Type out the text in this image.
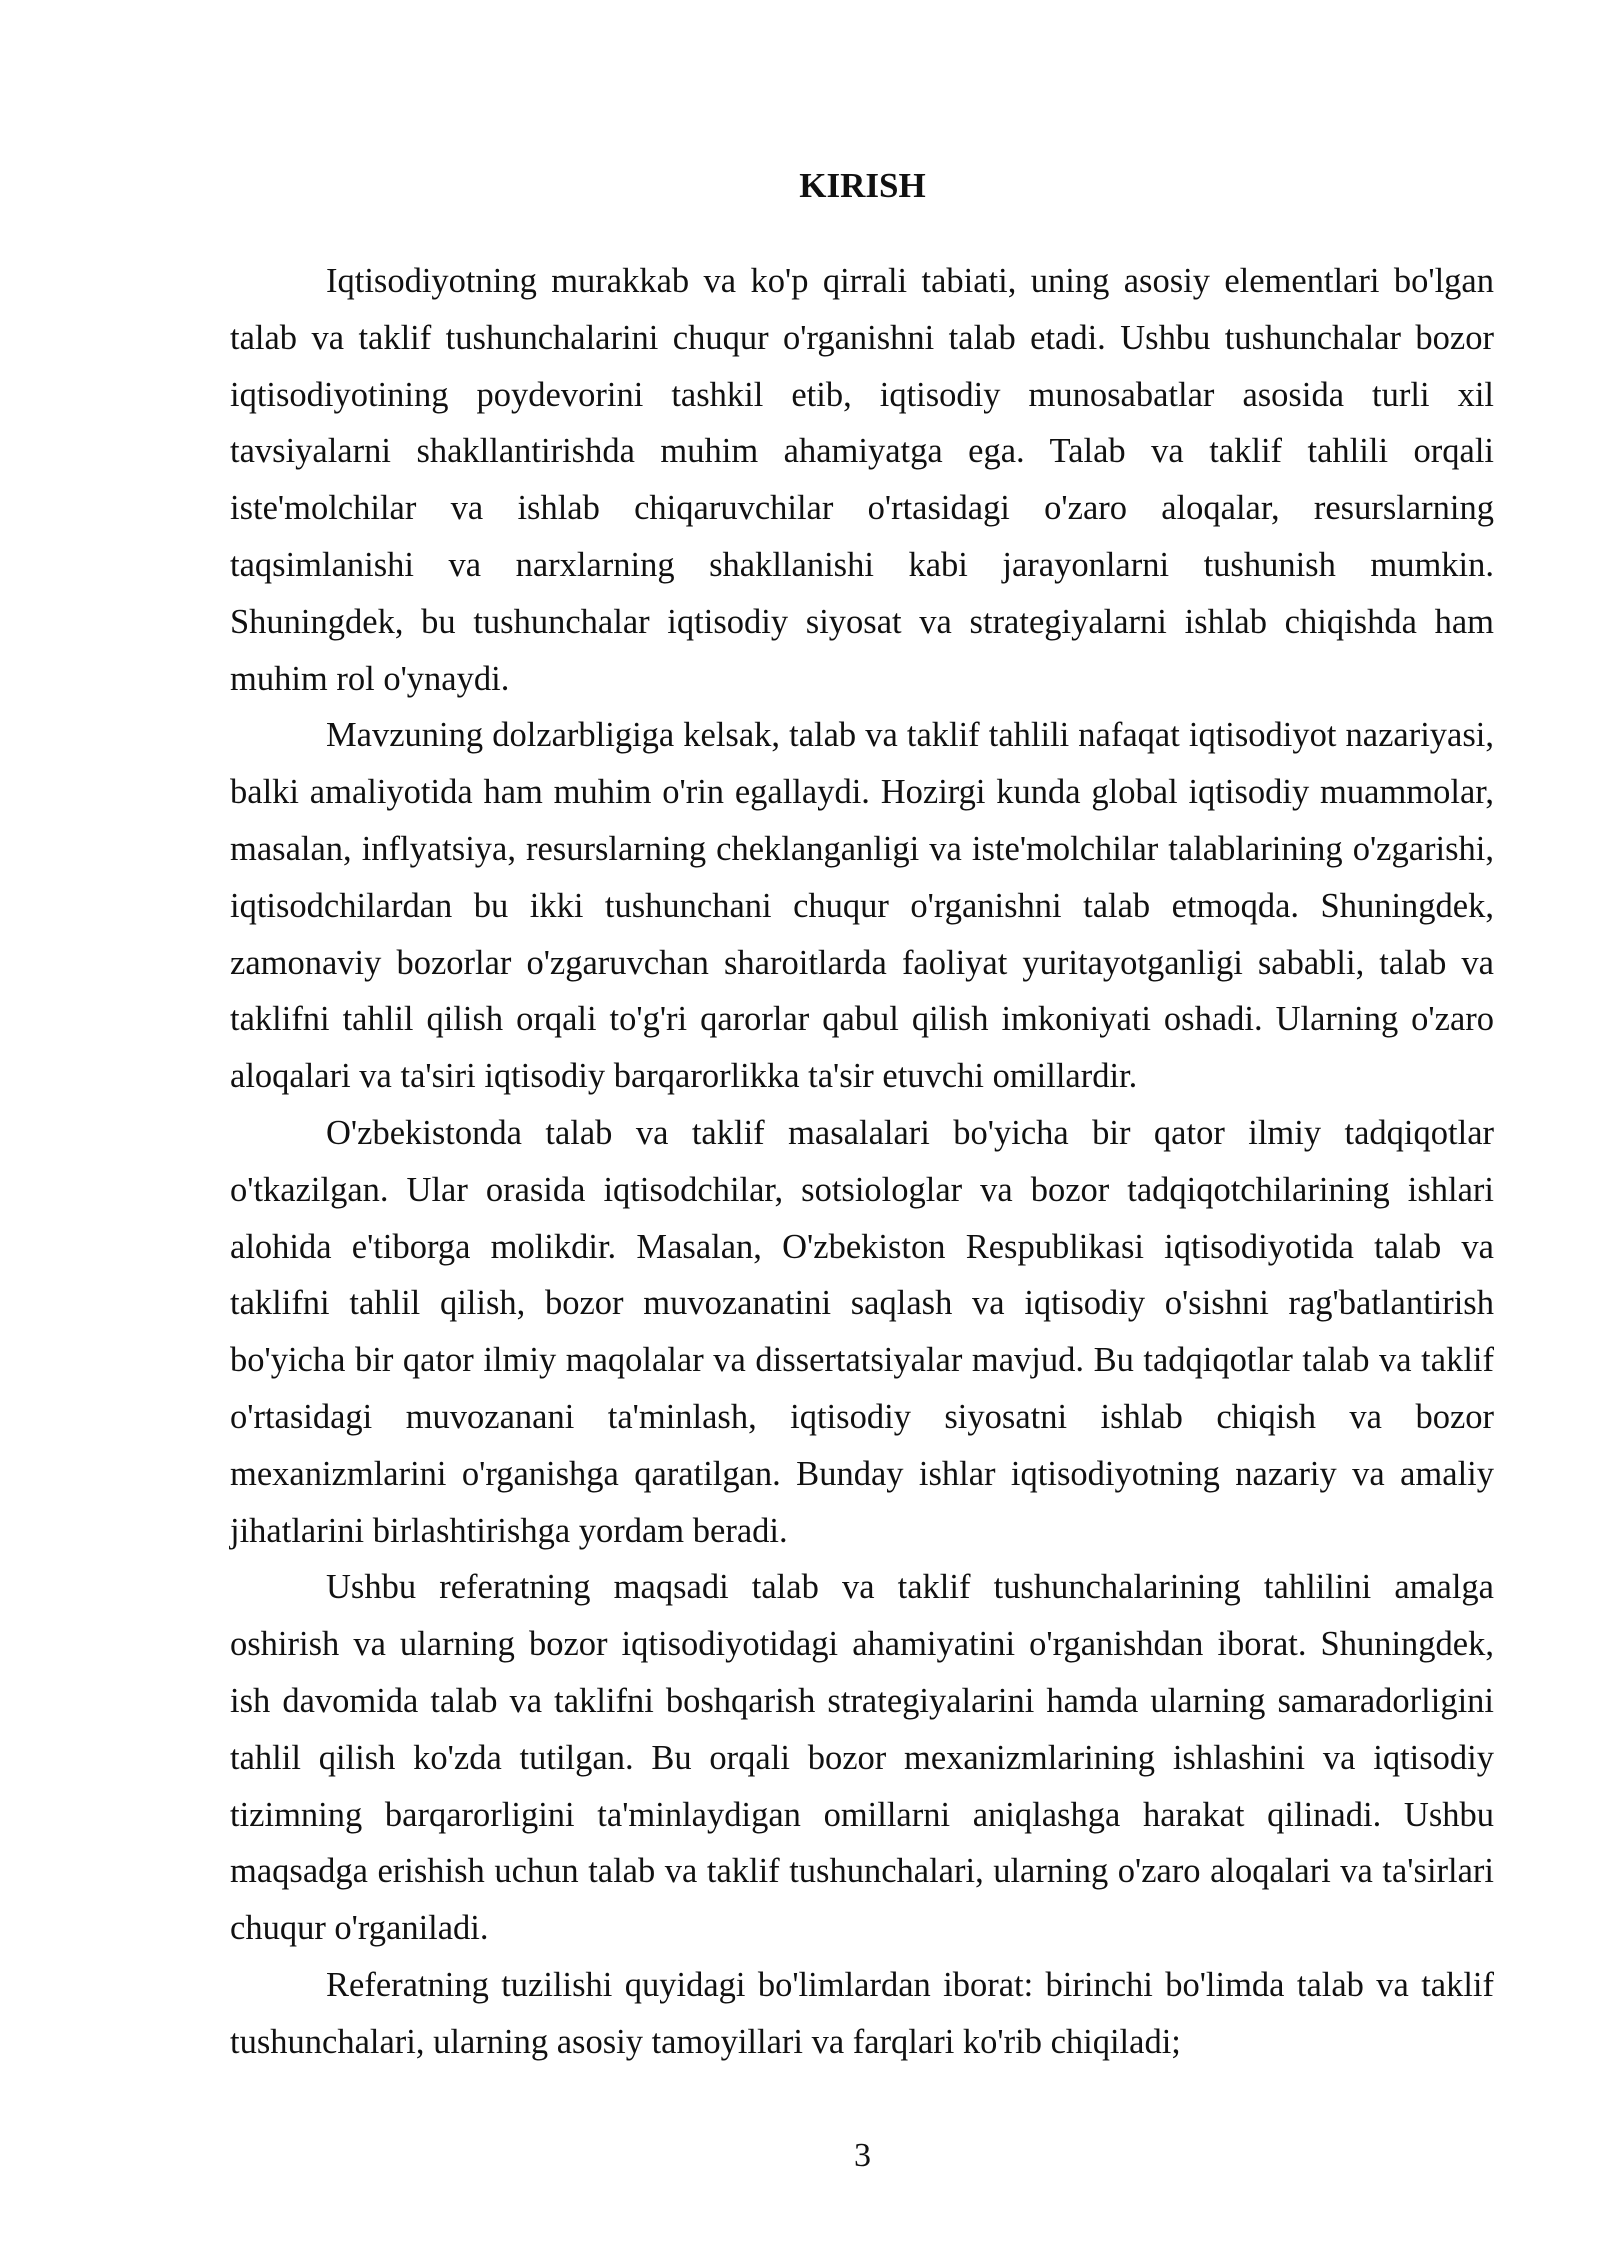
KIRISH

Iqtisodiyotning murakkab va ko'p qirrali tabiati, uning asosiy elementlari bo'lgan talab va taklif tushunchalarini chuqur o'rganishni talab etadi. Ushbu tushunchalar bozor iqtisodiyotining poydevorini tashkil etib, iqtisodiy munosabatlar asosida turli xil tavsiyalarni shakllantirishda muhim ahamiyatga ega. Talab va taklif tahlili orqali iste'molchilar va ishlab chiqaruvchilar o'rtasidagi o'zaro aloqalar, resurslarning taqsimlanishi va narxlarning shakllanishi kabi jarayonlarni tushunish mumkin. Shuningdek, bu tushunchalar iqtisodiy siyosat va strategiyalarni ishlab chiqishda ham muhim rol o'ynaydi.

Mavzuning dolzarbligiga kelsak, talab va taklif tahlili nafaqat iqtisodiyot nazariyasi, balki amaliyotida ham muhim o'rin egallaydi. Hozirgi kunda global iqtisodiy muammolar, masalan, inflyatsiya, resurslarning cheklanganligi va iste'molchilar talablarining o'zgarishi, iqtisodchilardan bu ikki tushunchani chuqur o'rganishni talab etmoqda. Shuningdek, zamonaviy bozorlar o'zgaruvchan sharoitlarda faoliyat yuritayotganligi sababli, talab va taklifni tahlil qilish orqali to'g'ri qarorlar qabul qilish imkoniyati oshadi. Ularning o'zaro aloqalari va ta'siri iqtisodiy barqarorlikka ta'sir etuvchi omillardir.

O'zbekistonda talab va taklif masalalari bo'yicha bir qator ilmiy tadqiqotlar o'tkazilgan. Ular orasida iqtisodchilar, sotsiologlar va bozor tadqiqotchilarining ishlari alohida e'tiborga molikdir. Masalan, O'zbekiston Respublikasi iqtisodiyotida talab va taklifni tahlil qilish, bozor muvozanatini saqlash va iqtisodiy o'sishni rag'batlantirish bo'yicha bir qator ilmiy maqolalar va dissertatsiyalar mavjud. Bu tadqiqotlar talab va taklif o'rtasidagi muvozanani ta'minlash, iqtisodiy siyosatni ishlab chiqish va bozor mexanizmlarini o'rganishga qaratilgan. Bunday ishlar iqtisodiyotning nazariy va amaliy jihatlarini birlashtirishga yordam beradi.

Ushbu referatning maqsadi talab va taklif tushunchalarining tahlilini amalga oshirish va ularning bozor iqtisodiyotidagi ahamiyatini o'rganishdan iborat. Shuningdek, ish davomida talab va taklifni boshqarish strategiyalarini hamda ularning samaradorligini tahlil qilish ko'zda tutilgan. Bu orqali bozor mexanizmlarining ishlashini va iqtisodiy tizimning barqarorligini ta'minlaydigan omillarni aniqlashga harakat qilinadi. Ushbu maqsadga erishish uchun talab va taklif tushunchalari, ularning o'zaro aloqalari va ta'sirlari chuqur o'rganiladi.

Referatning tuzilishi quyidagi bo'limlardan iborat: birinchi bo'limda talab va taklif tushunchalari, ularning asosiy tamoyillari va farqlari ko'rib chiqiladi;

3
